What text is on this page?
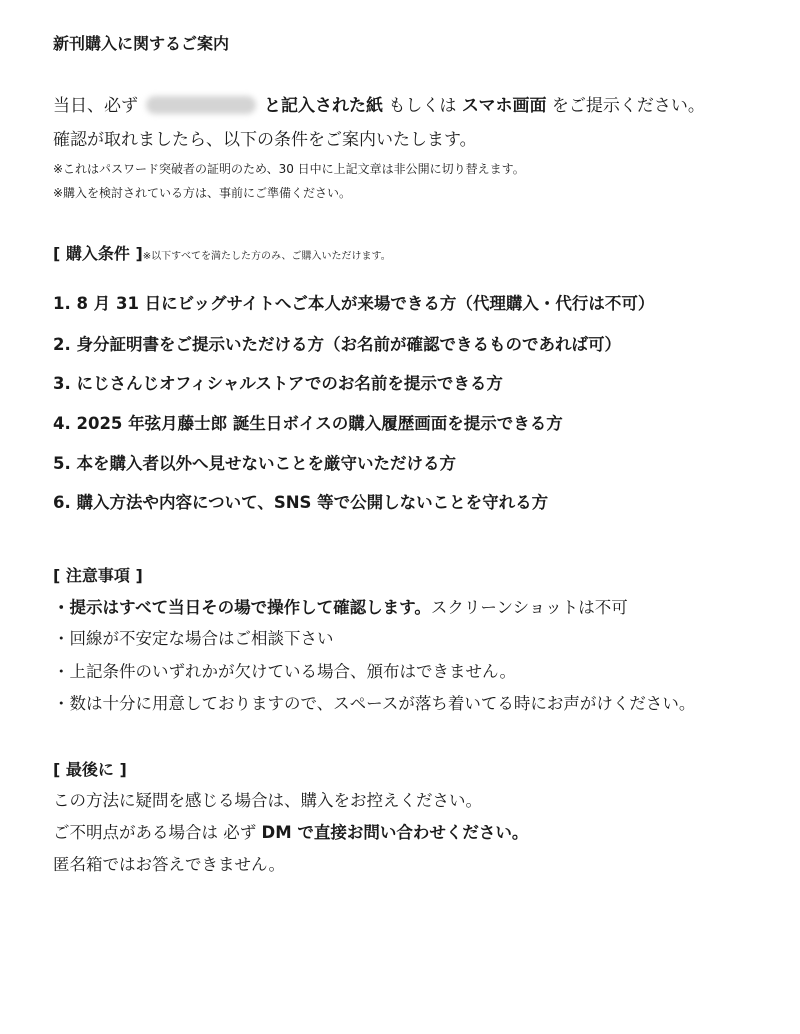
新刊購入に関するご案内
当日、必ず	と記入された紙 もしくは スマホ画面 をご提示ください。
確認が取れましたら、以下の条件をご案内いたします。
※これはパスワード突破者の証明のため、30 日中に上記文章は非公開に切り替えます。
※購入を検討されている方は、事前にご準備ください。
[ 購入条件 ]※以下すべてを満たした方のみ、ご購入いただけます。
1. 8 月 31 日にビッグサイトへご本人が来場できる方（代理購入・代行は不可）
2. 身分証明書をご提示いただける方（お名前が確認できるものであれば可）
3. にじさんじオフィシャルストアでのお名前を提示できる方
4. 2025 年弦月藤士郎 誕生日ボイスの購入履歴画面を提示できる方
5. 本を購入者以外へ見せないことを厳守いただける方
6. 購入方法や内容について、SNS 等で公開しないことを守れる方
[ 注意事項 ]
・提示はすべて当日その場で操作して確認します。スクリーンショットは不可
・回線が不安定な場合はご相談下さい
・上記条件のいずれかが欠けている場合、頒布はできません。
・数は十分に用意しておりますので、スペースが落ち着いてる時にお声がけください。
[ 最後に ]
この方法に疑問を感じる場合は、購入をお控えください。
ご不明点がある場合は 必ず DM で直接お問い合わせください。
匿名箱ではお答えできません。
